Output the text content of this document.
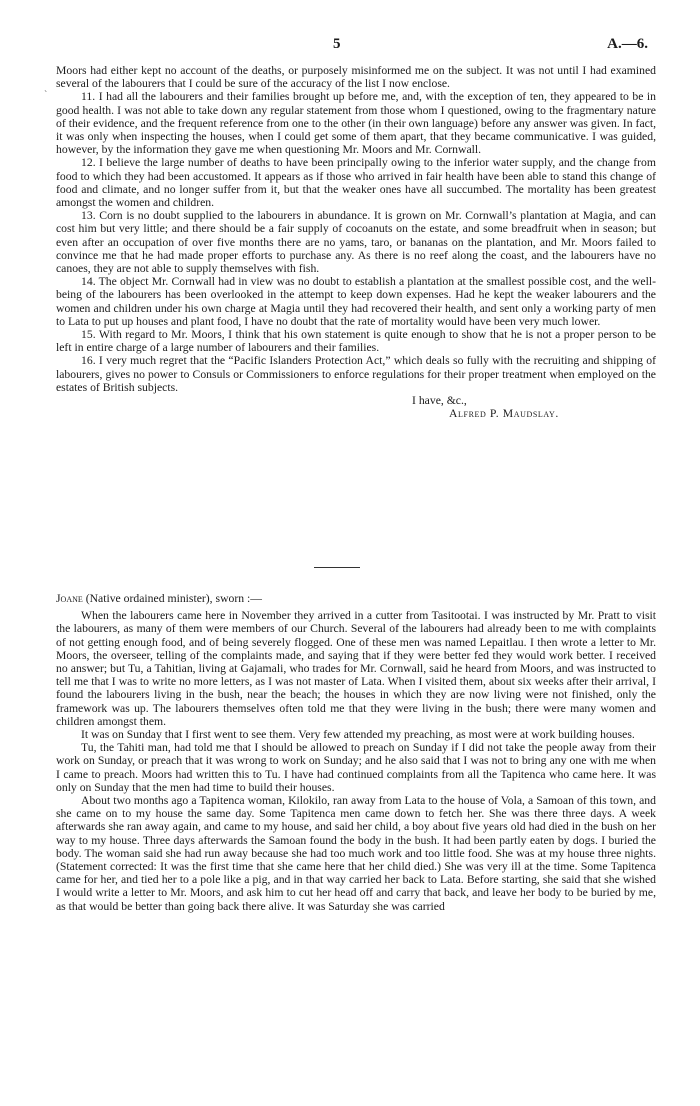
5	A.—6.
`

Moors had either kept no account of the deaths, or purposely misinformed me on the subject. It was not until I had examined several of the labourers that I could be sure of the accuracy of the list I now enclose.

11. I had all the labourers and their families brought up before me, and, with the exception of ten, they appeared to be in good health. I was not able to take down any regular statement from those whom I questioned, owing to the fragmentary nature of their evidence, and the frequent reference from one to the other (in their own language) before any answer was given. In fact, it was only when inspecting the houses, when I could get some of them apart, that they became communicative. I was guided, however, by the information they gave me when questioning Mr. Moors and Mr. Cornwall.

12. I believe the large number of deaths to have been principally owing to the inferior water supply, and the change from food to which they had been accustomed. It appears as if those who arrived in fair health have been able to stand this change of food and climate, and no longer suffer from it, but that the weaker ones have all succumbed. The mortality has been greatest amongst the women and children.

13. Corn is no doubt supplied to the labourers in abundance. It is grown on Mr. Cornwall’s plantation at Magia, and can cost him but very little; and there should be a fair supply of cocoanuts on the estate, and some breadfruit when in season; but even after an occupation of over five months there are no yams, taro, or bananas on the plantation, and Mr. Moors failed to convince me that he had made proper efforts to purchase any. As there is no reef along the coast, and the labourers have no canoes, they are not able to supply themselves with fish.

14. The object Mr. Cornwall had in view was no doubt to establish a plantation at the smallest possible cost, and the well-being of the labourers has been overlooked in the attempt to keep down expenses. Had he kept the weaker labourers and the women and children under his own charge at Magia until they had recovered their health, and sent only a working party of men to Lata to put up houses and plant food, I have no doubt that the rate of mortality would have been very much lower.

15. With regard to Mr. Moors, I think that his own statement is quite enough to show that he is not a proper person to be left in entire charge of a large number of labourers and their families.

16. I very much regret that the “Pacific Islanders Protection Act,” which deals so fully with the recruiting and shipping of labourers, gives no power to Consuls or Commissioners to enforce regulations for their proper treatment when employed on the estates of British subjects.

I have, &c.,
Alfred P. Maudslay.

Joane (Native ordained minister), sworn :—

When the labourers came here in November they arrived in a cutter from Tasitootai. I was instructed by Mr. Pratt to visit the labourers, as many of them were members of our Church. Several of the labourers had already been to me with complaints of not getting enough food, and of being severely flogged. One of these men was named Lepaitlau. I then wrote a letter to Mr. Moors, the overseer, telling of the complaints made, and saying that if they were better fed they would work better. I received no answer; but Tu, a Tahitian, living at Gajamali, who trades for Mr. Cornwall, said he heard from Moors, and was instructed to tell me that I was to write no more letters, as I was not master of Lata. When I visited them, about six weeks after their arrival, I found the labourers living in the bush, near the beach; the houses in which they are now living were not finished, only the framework was up. The labourers themselves often told me that they were living in the bush; there were many women and children amongst them.

It was on Sunday that I first went to see them. Very few attended my preaching, as most were at work building houses.

Tu, the Tahiti man, had told me that I should be allowed to preach on Sunday if I did not take the people away from their work on Sunday, or preach that it was wrong to work on Sunday; and he also said that I was not to bring any one with me when I came to preach. Moors had written this to Tu. I have had continued complaints from all the Tapitenca who came here. It was only on Sunday that the men had time to build their houses.

About two months ago a Tapitenca woman, Kilokilo, ran away from Lata to the house of Vola, a Samoan of this town, and she came on to my house the same day. Some Tapitenca men came down to fetch her. She was there three days. A week afterwards she ran away again, and came to my house, and said her child, a boy about five years old had died in the bush on her way to my house. Three days afterwards the Samoan found the body in the bush. It had been partly eaten by dogs. I buried the body. The woman said she had run away because she had too much work and too little food. She was at my house three nights. (Statement corrected: It was the first time that she came here that her child died.) She was very ill at the time. Some Tapitenca came for her, and tied her to a pole like a pig, and in that way carried her back to Lata. Before starting, she said that she wished I would write a letter to Mr. Moors, and ask him to cut her head off and carry that back, and leave her body to be buried by me, as that would be better than going back there alive. It was Saturday she was carried
